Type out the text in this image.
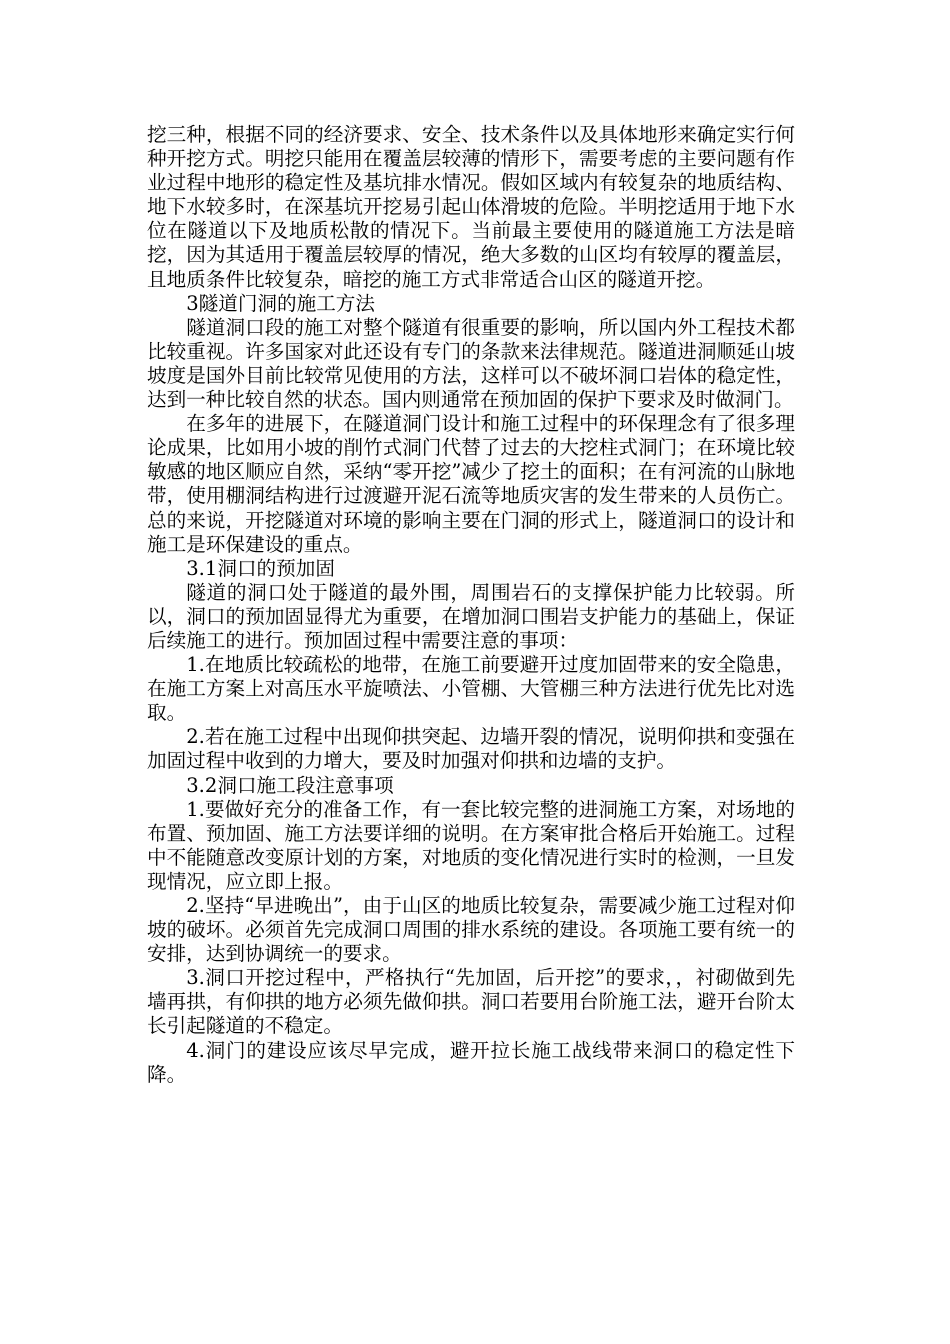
挖三种，根据不同的经济要求、安全、技术条件以及具体地形来确定实行何种开挖方式。明挖只能用在覆盖层较薄的情形下，需要考虑的主要问题有作业过程中地形的稳定性及基坑排水情况。假如区域内有较复杂的地质结构、地下水较多时，在深基坑开挖易引起山体滑坡的危险。半明挖适用于地下水位在隧道以下及地质松散的情况下。当前最主要使用的隧道施工方法是暗挖，因为其适用于覆盖层较厚的情况，绝大多数的山区均有较厚的覆盖层，且地质条件比较复杂，暗挖的施工方式非常适合山区的隧道开挖。

3隧道门洞的施工方法

隧道洞口段的施工对整个隧道有很重要的影响，所以国内外工程技术都比较重视。许多国家对此还设有专门的条款来法律规范。隧道进洞顺延山坡坡度是国外目前比较常见使用的方法，这样可以不破坏洞口岩体的稳定性，达到一种比较自然的状态。国内则通常在预加固的保护下要求及时做洞门。

在多年的进展下，在隧道洞门设计和施工过程中的环保理念有了很多理论成果，比如用小坡的削竹式洞门代替了过去的大挖柱式洞门；在环境比较敏感的地区顺应自然，采纳“零开挖”减少了挖土的面积；在有河流的山脉地带，使用棚洞结构进行过渡避开泥石流等地质灾害的发生带来的人员伤亡。总的来说，开挖隧道对环境的影响主要在门洞的形式上，隧道洞口的设计和施工是环保建设的重点。

3.1洞口的预加固

隧道的洞口处于隧道的最外围，周围岩石的支撑保护能力比较弱。所以，洞口的预加固显得尤为重要，在增加洞口围岩支护能力的基础上，保证后续施工的进行。预加固过程中需要注意的事项：

1.在地质比较疏松的地带，在施工前要避开过度加固带来的安全隐患，在施工方案上对高压水平旋喷法、小管棚、大管棚三种方法进行优先比对选取。

2.若在施工过程中出现仰拱突起、边墙开裂的情况，说明仰拱和变强在加固过程中收到的力增大，要及时加强对仰拱和边墙的支护。

3.2洞口施工段注意事项

1.要做好充分的准备工作，有一套比较完整的进洞施工方案，对场地的布置、预加固、施工方法要详细的说明。在方案审批合格后开始施工。过程中不能随意改变原计划的方案，对地质的变化情况进行实时的检测，一旦发现情况，应立即上报。

2.坚持“早进晚出”，由于山区的地质比较复杂，需要减少施工过程对仰坡的破坏。必须首先完成洞口周围的排水系统的建设。各项施工要有统一的安排，达到协调统一的要求。

3.洞口开挖过程中，严格执行“先加固，后开挖”的要求，，衬砌做到先墙再拱，有仰拱的地方必须先做仰拱。洞口若要用台阶施工法，避开台阶太长引起隧道的不稳定。

4.洞门的建设应该尽早完成，避开拉长施工战线带来洞口的稳定性下降。
